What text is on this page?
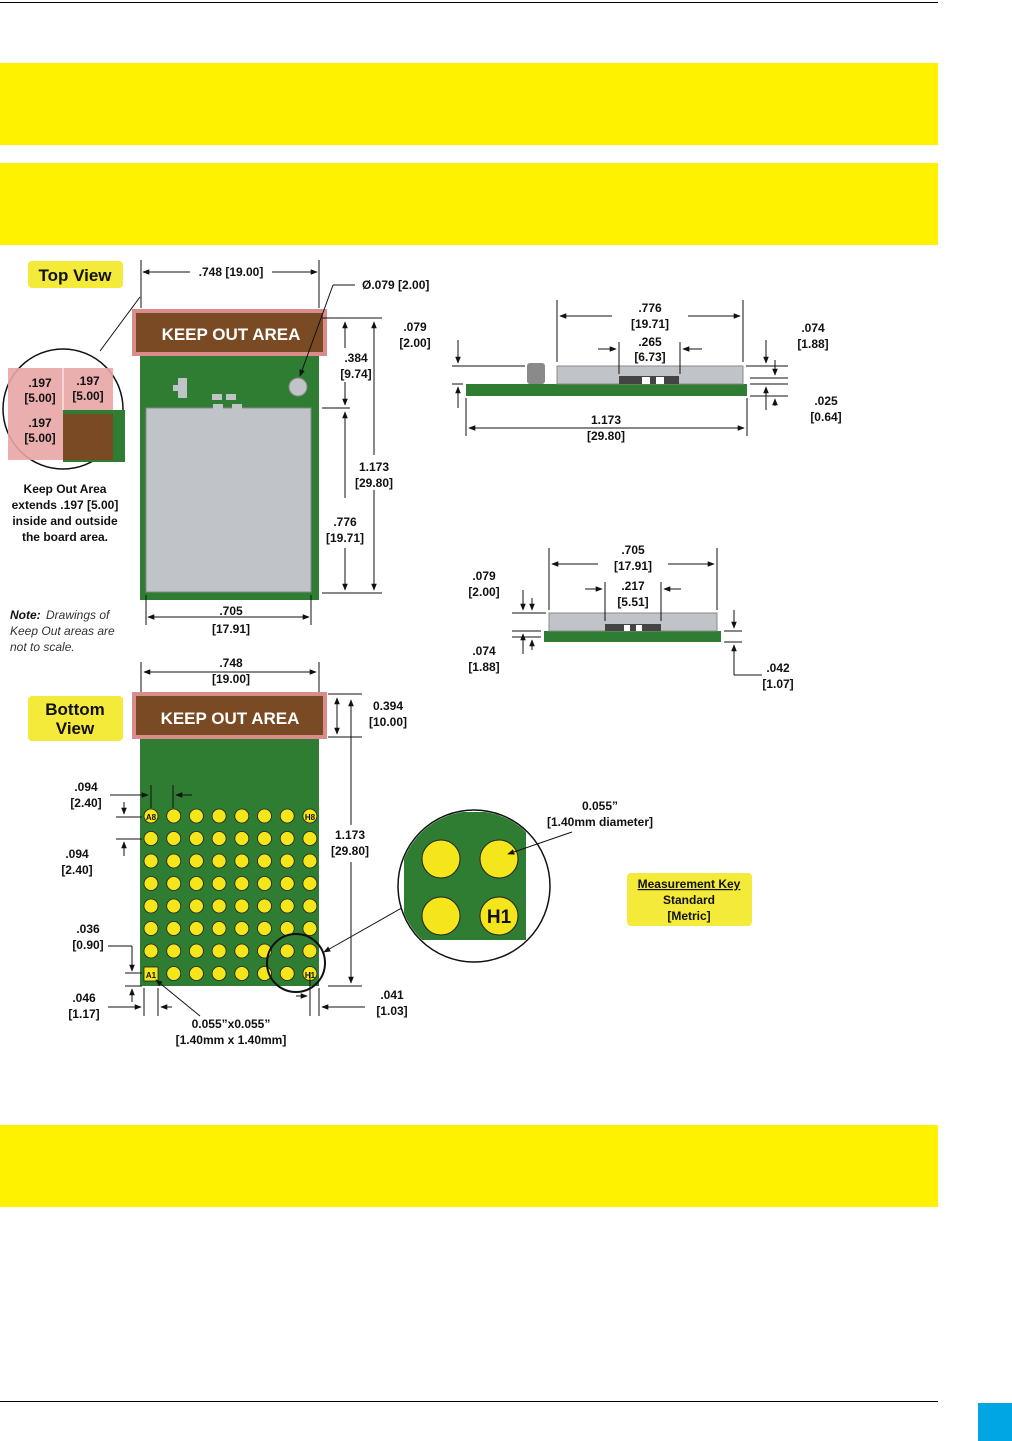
Top View
KEEP OUT AREA
.748 [19.00]
Ø.079 [2.00]
.384
[9.74]
.776
[19.71]
1.173
[29.80]
.705
[17.91]
.197
[5.00]
.197
[5.00]
.197
[5.00]
Keep Out Area
extends .197 [5.00]
inside and outside
the board area.
Note: Drawings of
Keep Out areas are
not to scale.
.776
[19.71]
.265
[6.73]
.079
[2.00]
.074
[1.88]
.025
[0.64]
1.173
[29.80]
.705
[17.91]
.217
[5.51]
.079
[2.00]
.074
[1.88]	.042
[1.07]
Bottom
View
KEEP OUT AREA
A1
A8	H8
H1
.748
[19.00]
0.394
[10.00]
1.173
[29.80]
.094
[2.40]
.094
[2.40]
.036
[0.90]
.046
[1.17]
.041
[1.03]
0.055”x0.055”
[1.40mm x 1.40mm]
H1
0.055”
[1.40mm diameter]
Measurement Key
Standard
[Metric]
